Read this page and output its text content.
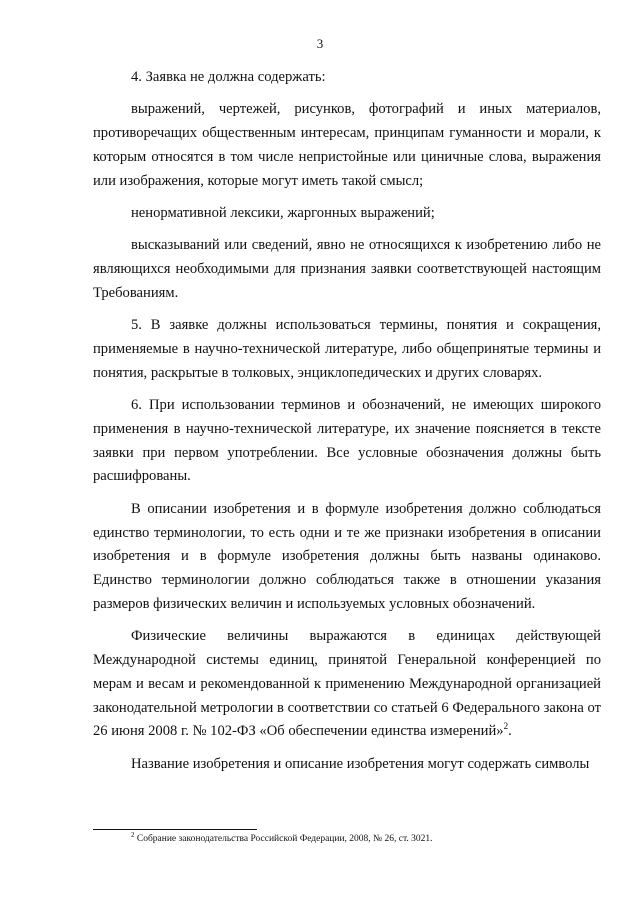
3

4. Заявка не должна содержать:

выражений, чертежей, рисунков, фотографий и иных материалов, противоречащих общественным интересам, принципам гуманности и морали, к которым относятся в том числе непристойные или циничные слова, выражения или изображения, которые могут иметь такой смысл;

ненормативной лексики, жаргонных выражений;

высказываний или сведений, явно не относящихся к изобретению либо не являющихся необходимыми для признания заявки соответствующей настоящим Требованиям.

5. В заявке должны использоваться термины, понятия и сокращения, применяемые в научно-технической литературе, либо общепринятые термины и понятия, раскрытые в толковых, энциклопедических и других словарях.

6. При использовании терминов и обозначений, не имеющих широкого применения в научно-технической литературе, их значение поясняется в тексте заявки при первом употреблении. Все условные обозначения должны быть расшифрованы.

В описании изобретения и в формуле изобретения должно соблюдаться единство терминологии, то есть одни и те же признаки изобретения в описании изобретения и в формуле изобретения должны быть названы одинаково. Единство терминологии должно соблюдаться также в отношении указания размеров физических величин и используемых условных обозначений.

Физические величины выражаются в единицах действующей Международной системы единиц, принятой Генеральной конференцией по мерам и весам и рекомендованной к применению Международной организацией законодательной метрологии в соответствии со статьей 6 Федерального закона от 26 июня 2008 г. № 102-ФЗ «Об обеспечении единства измерений»$^2$.

Название изобретения и описание изобретения могут содержать символы

$^2$ Собрание законодательства Российской Федерации, 2008, № 26, ст. 3021.
